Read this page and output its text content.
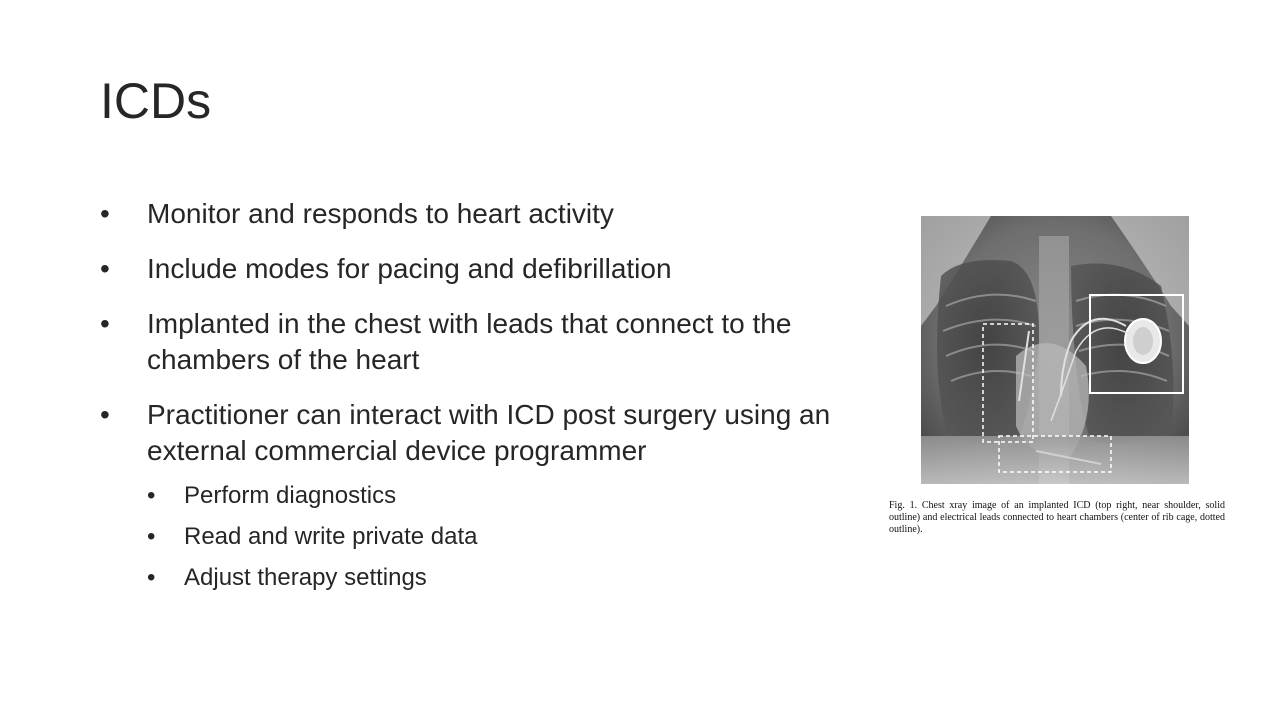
ICDs
• Monitor and responds to heart activity
• Include modes for pacing and defibrillation
• Implanted in the chest with leads that connect to the chambers of the heart
• Practitioner can interact with ICD post surgery using an external commercial device programmer
• Perform diagnostics
• Read and write private data
• Adjust therapy settings
Fig. 1. Chest xray image of an implanted ICD (top right, near shoulder, solid outline) and electrical leads connected to heart chambers (center of rib cage, dotted outline).
